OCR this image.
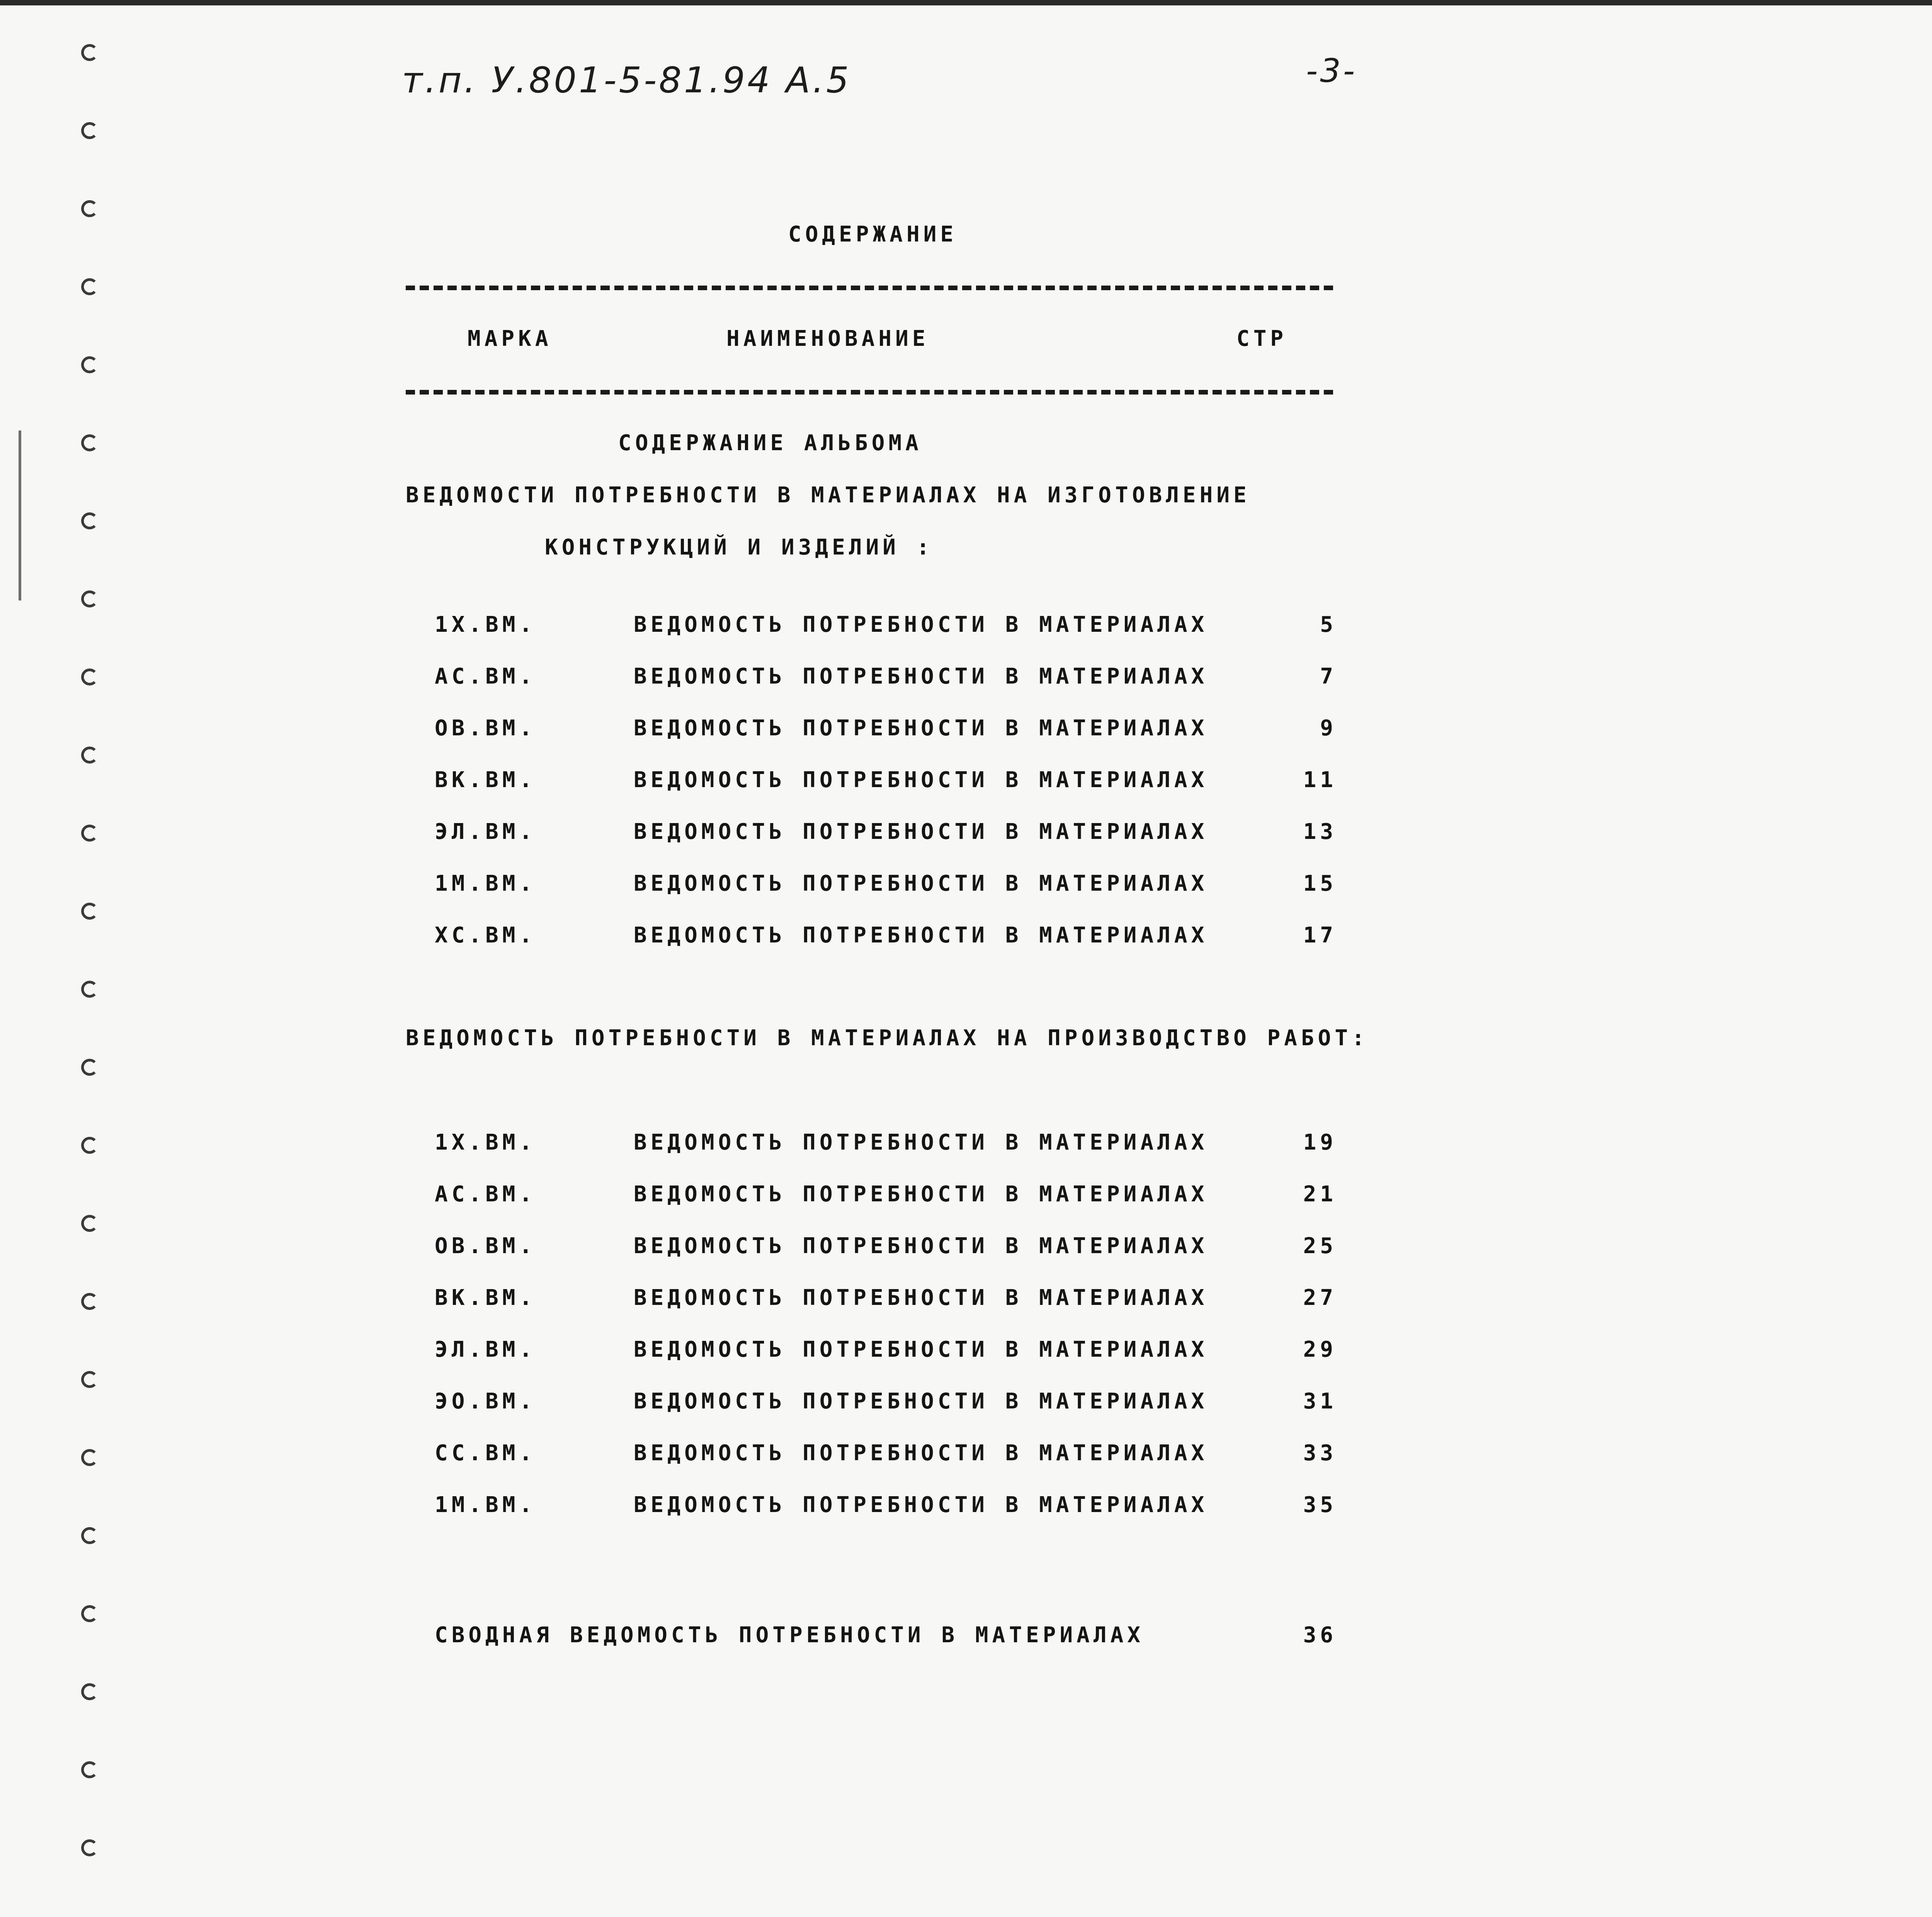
т.п. У.801-5-81.94 А.5	-3-
СОДЕРЖАНИЕ
МАРКА	НАИМЕНОВАНИЕ	СТР
СОДЕРЖАНИЕ АЛЬБОМА
ВЕДОМОСТИ ПОТРЕБНОСТИ В МАТЕРИАЛАХ НА ИЗГОТОВЛЕНИЕ
КОНСТРУКЦИЙ И ИЗДЕЛИЙ :
1Х.ВМ.	ВЕДОМОСТЬ ПОТРЕБНОСТИ В МАТЕРИАЛАХ	5
АС.ВМ.	ВЕДОМОСТЬ ПОТРЕБНОСТИ В МАТЕРИАЛАХ	7
ОВ.ВМ.	ВЕДОМОСТЬ ПОТРЕБНОСТИ В МАТЕРИАЛАХ	9
ВК.ВМ.	ВЕДОМОСТЬ ПОТРЕБНОСТИ В МАТЕРИАЛАХ	11
ЭЛ.ВМ.	ВЕДОМОСТЬ ПОТРЕБНОСТИ В МАТЕРИАЛАХ	13
1М.ВМ.	ВЕДОМОСТЬ ПОТРЕБНОСТИ В МАТЕРИАЛАХ	15
ХС.ВМ.	ВЕДОМОСТЬ ПОТРЕБНОСТИ В МАТЕРИАЛАХ	17
ВЕДОМОСТЬ ПОТРЕБНОСТИ В МАТЕРИАЛАХ НА ПРОИЗВОДСТВО РАБОТ:
1Х.ВМ.	ВЕДОМОСТЬ ПОТРЕБНОСТИ В МАТЕРИАЛАХ	19
АС.ВМ.	ВЕДОМОСТЬ ПОТРЕБНОСТИ В МАТЕРИАЛАХ	21
ОВ.ВМ.	ВЕДОМОСТЬ ПОТРЕБНОСТИ В МАТЕРИАЛАХ	25
ВК.ВМ.	ВЕДОМОСТЬ ПОТРЕБНОСТИ В МАТЕРИАЛАХ	27
ЭЛ.ВМ.	ВЕДОМОСТЬ ПОТРЕБНОСТИ В МАТЕРИАЛАХ	29
ЭО.ВМ.	ВЕДОМОСТЬ ПОТРЕБНОСТИ В МАТЕРИАЛАХ	31
СС.ВМ.	ВЕДОМОСТЬ ПОТРЕБНОСТИ В МАТЕРИАЛАХ	33
1М.ВМ.	ВЕДОМОСТЬ ПОТРЕБНОСТИ В МАТЕРИАЛАХ	35
СВОДНАЯ ВЕДОМОСТЬ ПОТРЕБНОСТИ В МАТЕРИАЛАХ	36
